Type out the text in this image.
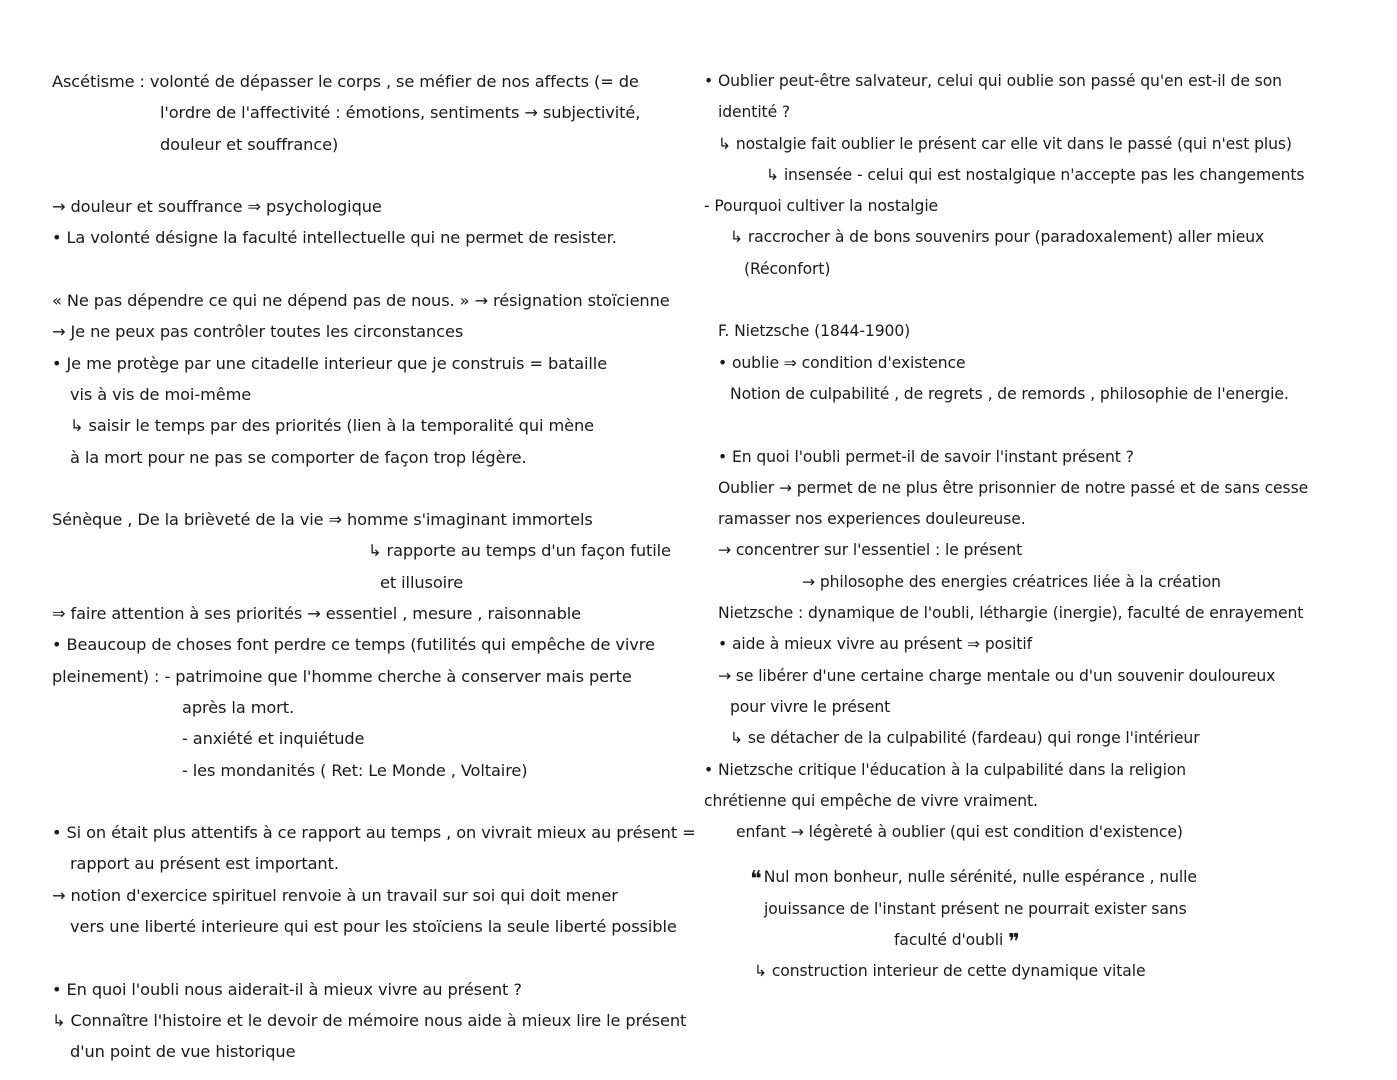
Ascétisme : volonté de dépasser le corps , se méfier de nos affects (= de
l'ordre de l'affectivité : émotions, sentiments → subjectivité,
douleur et souffrance)
→ douleur et souffrance ⇒ psychologique
• La volonté désigne la faculté intellectuelle qui ne permet de resister.
« Ne pas dépendre ce qui ne dépend pas de nous. » → résignation stoïcienne
→ Je ne peux pas contrôler toutes les circonstances
• Je me protège par une citadelle interieur que je construis = bataille
vis à vis de moi-même
↳ saisir le temps par des priorités (lien à la temporalité qui mène
à la mort pour ne pas se comporter de façon trop légère.
Sénèque , De la brièveté de la vie ⇒ homme s'imaginant immortels
↳ rapporte au temps d'un façon futile
et illusoire
⇒ faire attention à ses priorités → essentiel , mesure , raisonnable
• Beaucoup de choses font perdre ce temps (futilités qui empêche de vivre
pleinement) : - patrimoine que l'homme cherche à conserver mais perte
après la mort.
- anxiété et inquiétude
- les mondanités ( Ret: Le Monde , Voltaire)
• Si on était plus attentifs à ce rapport au temps , on vivrait mieux au présent =
rapport au présent est important.
→ notion d'exercice spirituel renvoie à un travail sur soi qui doit mener
vers une liberté interieure qui est pour les stoïciens la seule liberté possible
• En quoi l'oubli nous aiderait-il à mieux vivre au présent ?
↳ Connaître l'histoire et le devoir de mémoire nous aide à mieux lire le présent
d'un point de vue historique
• Oublier peut-être salvateur, celui qui oublie son passé qu'en est-il de son
identité ?
↳ nostalgie fait oublier le présent car elle vit dans le passé (qui n'est plus)
↳ insensée - celui qui est nostalgique n'accepte pas les changements
- Pourquoi cultiver la nostalgie
↳ raccrocher à de bons souvenirs pour (paradoxalement) aller mieux
(Réconfort)
F. Nietzsche (1844-1900)
• oublie ⇒ condition d'existence
Notion de culpabilité , de regrets , de remords , philosophie de l'energie.
• En quoi l'oubli permet-il de savoir l'instant présent ?
Oublier → permet de ne plus être prisonnier de notre passé et de sans cesse
ramasser nos experiences douleureuse.
→ concentrer sur l'essentiel : le présent
→ philosophe des energies créatrices liée à la création
Nietzsche : dynamique de l'oubli, léthargie (inergie), faculté de enrayement
• aide à mieux vivre au présent ⇒ positif
→ se libérer d'une certaine charge mentale ou d'un souvenir douloureux
pour vivre le présent
↳ se détacher de la culpabilité (fardeau) qui ronge l'intérieur
• Nietzsche critique l'éducation à la culpabilité dans la religion
chrétienne qui empêche de vivre vraiment.
enfant → légèreté à oublier (qui est condition d'existence)
❝ Nul mon bonheur, nulle sérénité, nulle espérance , nulle
jouissance de l'instant présent ne pourrait exister sans
faculté d'oubli ❞
↳ construction interieur de cette dynamique vitale
